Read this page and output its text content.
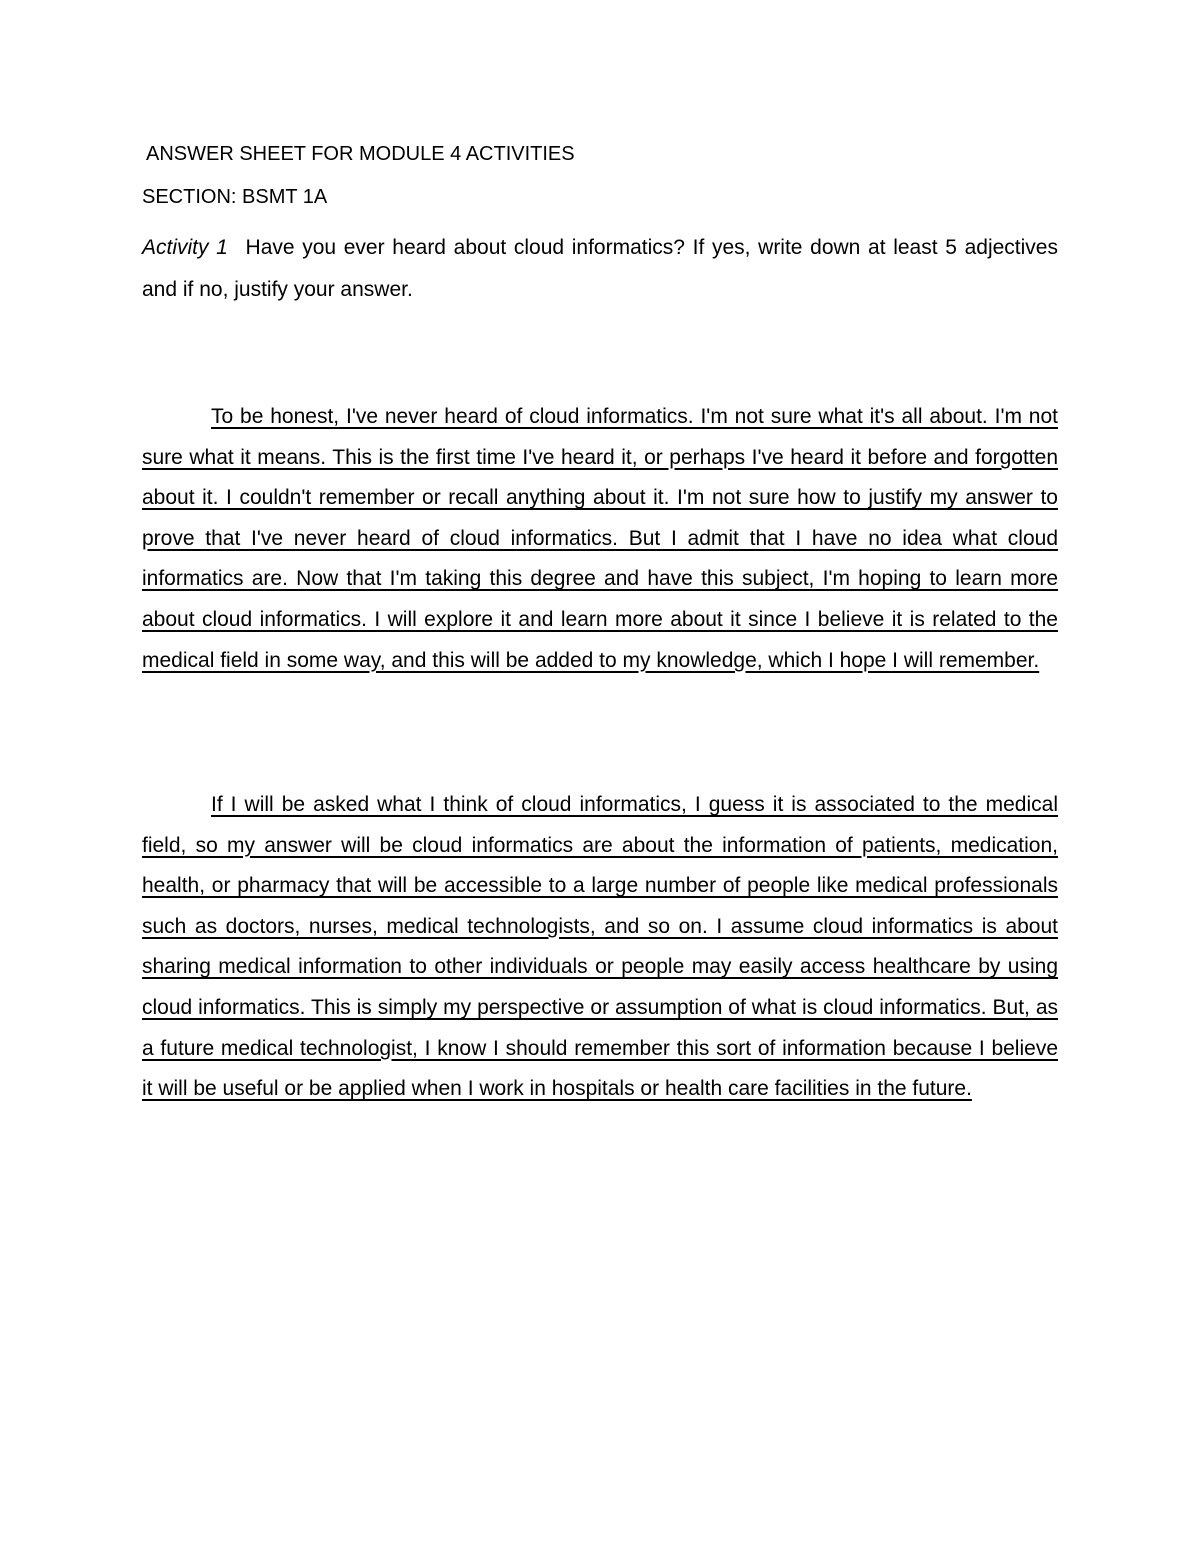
ANSWER SHEET FOR MODULE 4 ACTIVITIES
SECTION: BSMT 1A

Activity 1 Have you ever heard about cloud informatics? If yes, write down at least 5 adjectives and if no, justify your answer.

To be honest, I've never heard of cloud informatics. I'm not sure what it's all about. I'm not sure what it means. This is the first time I've heard it, or perhaps I've heard it before and forgotten about it. I couldn't remember or recall anything about it. I'm not sure how to justify my answer to prove that I've never heard of cloud informatics. But I admit that I have no idea what cloud informatics are. Now that I'm taking this degree and have this subject, I'm hoping to learn more about cloud informatics. I will explore it and learn more about it since I believe it is related to the medical field in some way, and this will be added to my knowledge, which I hope I will remember.

If I will be asked what I think of cloud informatics, I guess it is associated to the medical field, so my answer will be cloud informatics are about the information of patients, medication, health, or pharmacy that will be accessible to a large number of people like medical professionals such as doctors, nurses, medical technologists, and so on. I assume cloud informatics is about sharing medical information to other individuals or people may easily access healthcare by using cloud informatics. This is simply my perspective or assumption of what is cloud informatics. But, as a future medical technologist, I know I should remember this sort of information because I believe it will be useful or be applied when I work in hospitals or health care facilities in the future.
